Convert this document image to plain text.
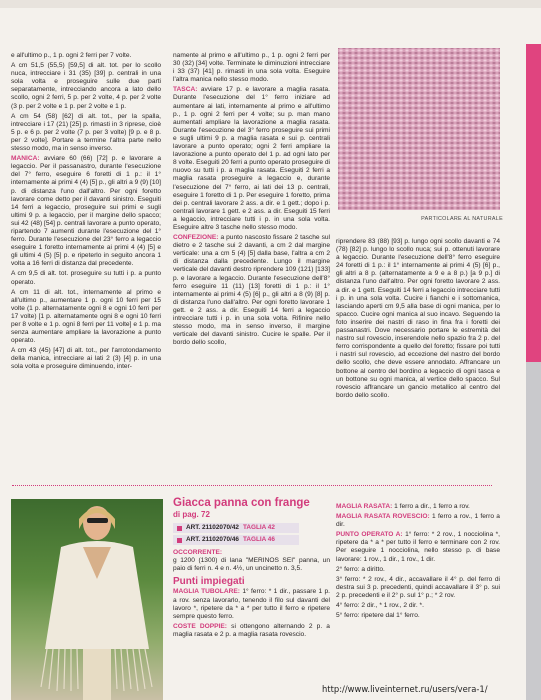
e all'ultimo p., 1 p. ogni 2 ferri per 7 volte.

A cm 51,5 (55,5) [59,5] di alt. tot. per lo scollo nuca, intrecciare i 31 (35) [39] p. centrali in una sola volta e proseguire sulle due parti separatamente, intrecciando ancora a lato dello scollo, ogni 2 ferri, 5 p. per 2 volte, 4 p. per 2 volte (3 p. per 2 volte e 1 p. per 2 volte e 1 p.

A cm 54 (58) [62] di alt. tot., per la spalla, intrecciare i 17 (21) [25] p. rimasti in 3 riprese, cioè 5 p. e 6 p. per 2 volte (7 p. per 3 volte) [9 p. e 8 p. per 2 volte]. Portare a termine l'altra parte nello stesso modo, ma in senso inverso.

MANICA: avviare 60 (66) [72] p. e lavorare a legaccio. Per il passanastro, durante l'esecuzione del 7° ferro, eseguire 6 foretti di 1 p.: il 1° internamente ai primi 4 (4) [5] p., gli altri a 9 (9) [10] p. di distanza l'uno dall'altro. Per ogni foretto lavorare come detto per il davanti sinistro. Eseguiti 14 ferri a legaccio, proseguire sui primi e sugli ultimi 9 p. a legaccio, per il margine dello spacco; sui 42 (48) [54] p. centrali lavorare a punto operato, ripartendo 7 aumenti durante l'esecuzione del 1° ferro. Durante l'esecuzione del 23° ferro a legaccio eseguire 1 foretto internamente ai primi 4 (4) [5] e gli ultimi 4 (5) [5] p. e ripeterlo in seguito ancora 1 volta a 16 ferri di distanza dal precedente.

A cm 9,5 di alt. tot. proseguire su tutti i p. a punto operato.

A cm 11 di alt. tot., internamente al primo e all'ultimo p., aumentare 1 p. ogni 10 ferri per 15 volte (1 p. alternatamente ogni 8 e ogni 10 ferri per 17 volte) [1 p. alternatamente ogni 8 e ogni 10 ferri per 8 volte e 1 p. ogni 8 ferri per 11 volte] e 1 p. ma senza aumentare ampliare la lavorazione a punto operato.

A cm 43 (45) [47] di alt. tot., per l'arrotondamento della manica, intrecciare ai lati 2 (3) [4] p. in una sola volta e proseguire diminuendo, inter-

namente al primo e all'ultimo p., 1 p. ogni 2 ferri per 30 (32) [34] volte. Terminate le diminuzioni intrecciare i 33 (37) [41] p. rimasti in una sola volta. Eseguire l'altra manica nello stesso modo.

TASCA: avviare 17 p. e lavorare a maglia rasata. Durante l'esecuzione del 1° ferro iniziare ad aumentare ai lati, internamente al primo e all'ultimo p., 1 p. ogni 2 ferri per 4 volte; su p. man mano aumentati ampliare la lavorazione a maglia rasata. Durante l'esecuzione del 3° ferro proseguire sui primi e sugli ultimi 9 p. a maglia rasata e sui p. centrali lavorare a punto operato; ogni 2 ferri ampliare la lavorazione a punto operato del 1 p. ad ogni lato per 8 volte. Eseguiti 20 ferri a punto operato proseguire di nuovo su tutti i p. a maglia rasata. Eseguiti 2 ferri a maglia rasata proseguire a legaccio e, durante l'esecuzione del 7° ferro, ai lati dei 13 p. centrali, eseguire 1 foretto di 1 p. Per eseguire 1 foretto, prima dei p. centrali lavorare 2 ass. a dir. e 1 gett.; dopo i p. centrali lavorare 1 gett. e 2 ass. a dir. Eseguiti 15 ferri a legaccio, intrecciare tutti i p. in una sola volta. Eseguire altre 3 tasche nello stesso modo.

CONFEZIONE: a punto nascosto fissare 2 tasche sul dietro e 2 tasche sui 2 davanti, a cm 2 dal margine verticale: una a cm 5 (4) [5] dalla base, l'altra a cm 2 di distanza dalla precedente. Lungo il margine verticale del davanti destro riprendere 109 (121) [133] p. e lavorare a legaccio. Durante l'esecuzione dell'8° ferro eseguire 11 (11) [13] foretti di 1 p.: il 1° internamente ai primi 4 (5) [6] p., gli altri a 8 (9) [8] p. di distanza l'uno dall'altro. Per ogni foretto lavorare 1 gett. e 2 ass. a dir. Eseguiti 14 ferri a legaccio intrecciare tutti i p. in una sola volta. Rifinire nello stesso modo, ma in senso inverso, il margine verticale del davanti sinistro. Cucire le spalle. Per il bordo dello scollo,

PARTICOLARE AL NATURALE

riprendere 83 (88) [93] p. lungo ogni scollo davanti e 74 (78) [82] p. lungo lo scollo nuca; sui p. ottenuti lavorare a legaccio. Durante l'esecuzione dell'8° ferro eseguire 24 foretti di 1 p.: il 1° internamente ai primi 4 (5) [6] p., gli altri a 8 p. (alternatamente a 9 e a 8 p.) [a 9 p.] di distanza l'uno dall'altro. Per ogni foretto lavorare 2 ass. a dir. e 1 gett. Eseguiti 14 ferri a legaccio intrecciare tutti i p. in una sola volta. Cucire i fianchi e i sottomanica, lasciando aperti cm 9,5 alla base di ogni manica, per lo spacco. Cucire ogni manica al suo incavo. Seguendo la foto inserire dei nastri di raso in fina fra i foretti dei passanastri. Dove necessario portare le estremità del nastro sul rovescio, inserendole nello spazio fra 2 p. del ferro corrispondente a quello del foretto; fissare poi tutti i nastri sul rovescio, ad eccezione del nastro del bordo dello scollo, che deve essere annodato. Affrancare un bottone al centro del bordino a legaccio di ogni tasca e un bottone su ogni manica, al vertice dello spacco. Sul rovescio affrancare un gancio metallico al centro del bordo dello scollo.

Giacca panna con frange
di pag. 72
ART. 21102070/42 TAGLIA 42
ART. 21102070/46 TAGLIA 46

OCCORRENTE:

g 1200 (1300) di lana "MERINOS SEI" panna, un paio di ferri n. 4 e n. 4½, un uncinetto n. 3,5.

Punti impiegati

MAGLIA TUBOLARE: 1° ferro: * 1 dir., passare 1 p. a rov. senza lavorarlo, tenendo il filo sul davanti del lavoro *, ripetere da * a * per tutto il ferro e ripetere sempre questo ferro.

COSTE DOPPIE: si ottengono alternando 2 p. a maglia rasata e 2 p. a maglia rasata rovescio.

MAGLIA RASATA: 1 ferro a dir., 1 ferro a rov.

MAGLIA RASATA ROVESCIO: 1 ferro a rov., 1 ferro a dir.

PUNTO OPERATO A: 1° ferro: * 2 rov., 1 nocciolina *, ripetere da * a * per tutto il ferro e terminare con 2 rov. Per eseguire 1 nocciolina, nello stesso p. di base lavorare: 1 rov., 1 dir., 1 rov., 1 dir.

2° ferro: a diritto.

3° ferro: * 2 rov., 4 dir., accavallare il 4° p. del ferro di destra sui 3 p. precedenti, quindi accavallare il 3° p. sui 2 p. precedenti e il 2° p. sul 1° p.; * 2 rov.

4° ferro: 2 dir., * 1 rov., 2 dir. *.

5° ferro: ripetere dal 1° ferro.

http://www.liveinternet.ru/users/vera-1/
